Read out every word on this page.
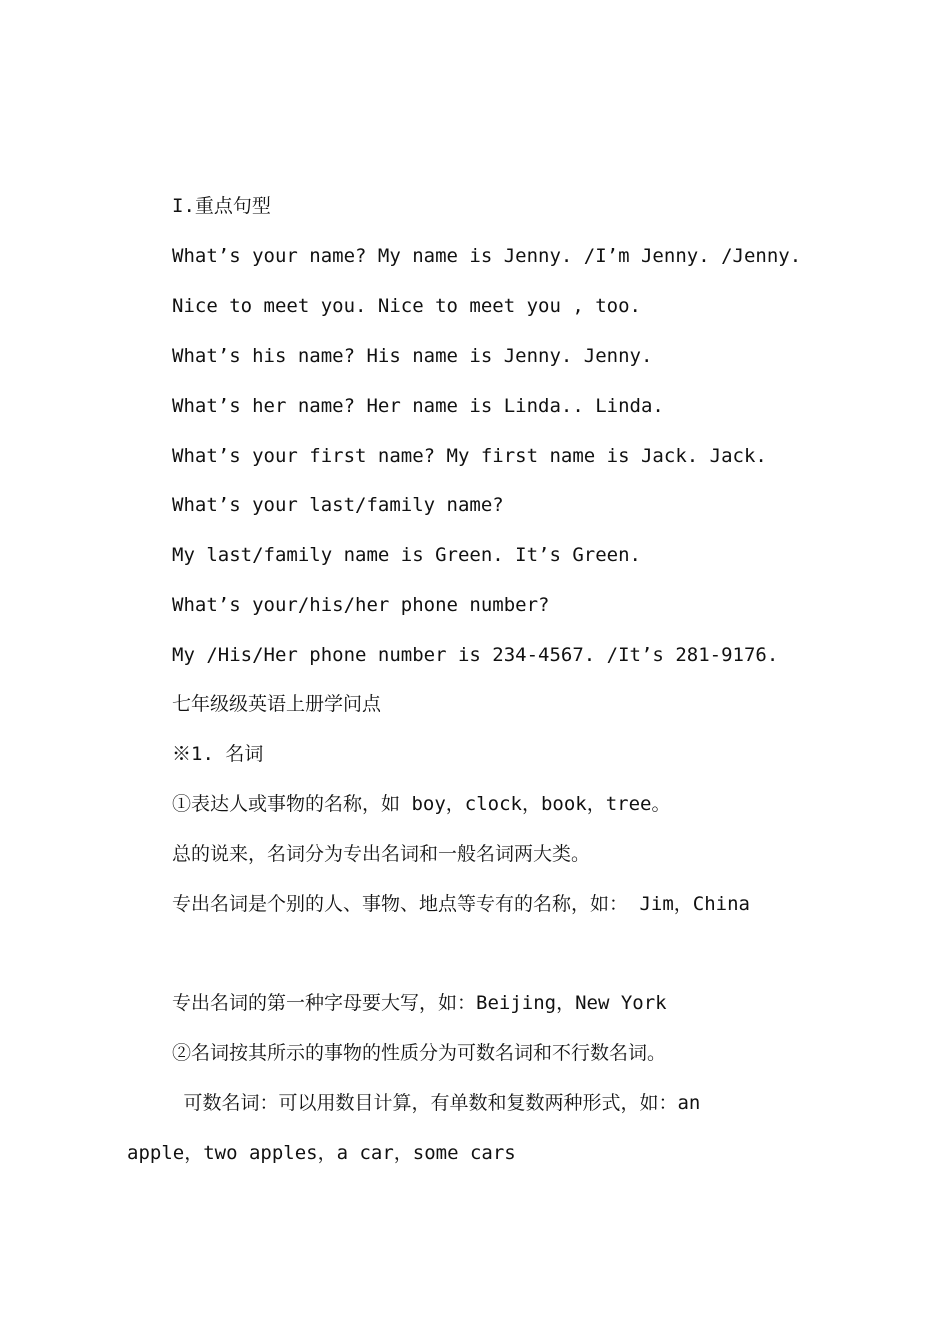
I.重点句型
What’s your name? My name is Jenny. /I’m Jenny. /Jenny.
Nice to meet you. Nice to meet you , too.
What’s his name? His name is Jenny. Jenny.
What’s her name? Her name is Linda.. Linda.
What’s your first name? My first name is Jack. Jack.
What’s your last/family name?
My last/family name is Green. It’s Green.
What’s your/his/her phone number?
My /His/Her phone number is 234-4567. /It’s 281-9176.
七年级级英语上册学问点
※1. 名词
①表达人或事物的名称，如 boy，clock，book，tree。
总的说来，名词分为专出名词和一般名词两大类。
专出名词是个别的人、事物、地点等专有的名称，如： Jim，China
专出名词的第一种字母要大写，如：Beijing，New York
②名词按其所示的事物的性质分为可数名词和不行数名词。
可数名词：可以用数目计算，有单数和复数两种形式，如：an
apple，two apples，a car，some cars
